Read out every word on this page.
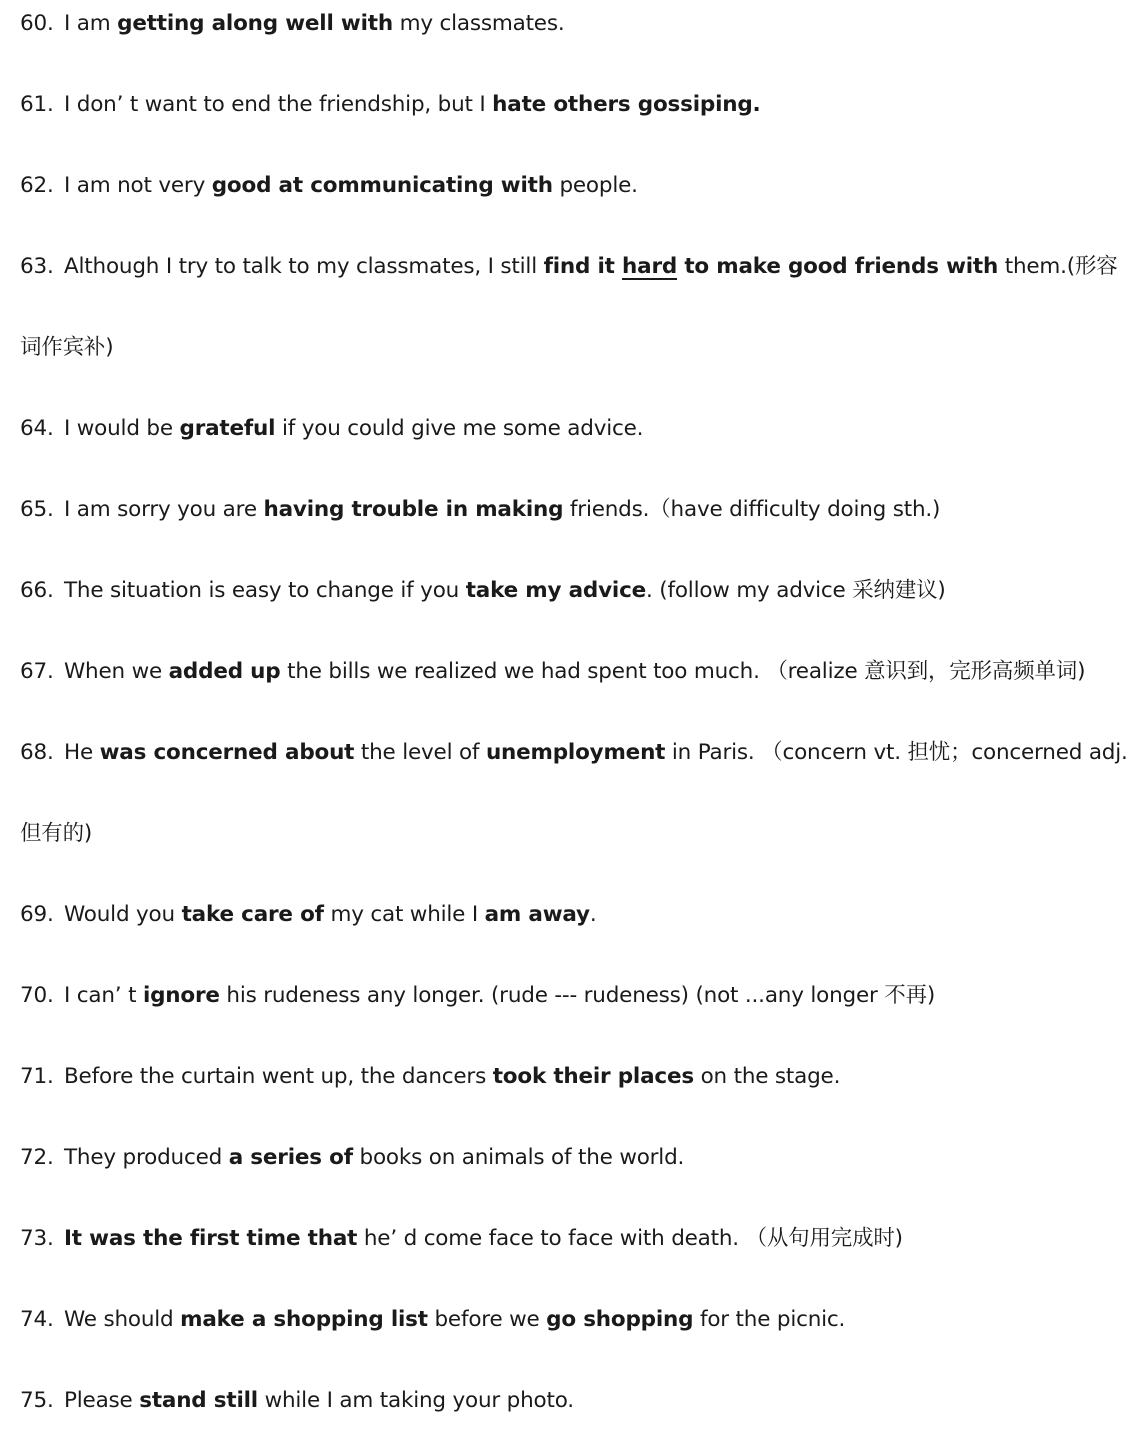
60. I am getting along well with my classmates.
61. I don’ t want to end the friendship, but I hate others gossiping.
62. I am not very good at communicating with people.
63. Although I try to talk to my classmates, I still find it hard to make good friends with them.(形容
词作宾补)
64. I would be grateful if you could give me some advice.
65. I am sorry you are having trouble in making friends.（have difficulty doing sth.)
66. The situation is easy to change if you take my advice. (follow my advice 采纳建议)
67. When we added up the bills we realized we had spent too much. （realize 意识到，完形高频单词)
68. He was concerned about the level of unemployment in Paris. （concern vt. 担忧；concerned adj.
但有的)
69. Would you take care of my cat while I am away.
70. I can’ t ignore his rudeness any longer. (rude --- rudeness) (not ...any longer 不再)
71. Before the curtain went up, the dancers took their places on the stage.
72. They produced a series of books on animals of the world.
73. It was the first time that he’ d come face to face with death. （从句用完成时)
74. We should make a shopping list before we go shopping for the picnic.
75. Please stand still while I am taking your photo.
